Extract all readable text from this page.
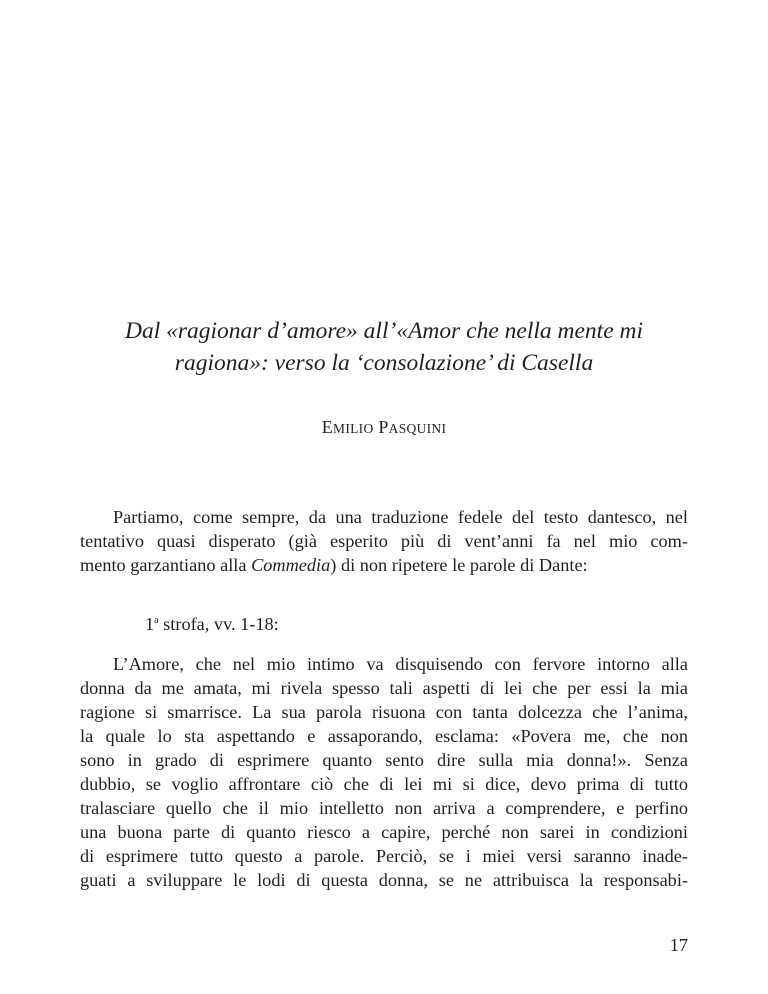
Dal «ragionar d’amore» all’«Amor che nella mente mi
ragiona»: verso la ‘consolazione’ di Casella
EMILIO PASQUINI
Partiamo, come sempre, da una traduzione fedele del testo dantesco, nel
tentativo quasi disperato (già esperito più di vent’anni fa nel mio com-
mento garzantiano alla Commedia) di non ripetere le parole di Dante:
1$^a$ strofa, vv. 1-18:
L’Amore, che nel mio intimo va disquisendo con fervore intorno alla
donna da me amata, mi rivela spesso tali aspetti di lei che per essi la mia
ragione si smarrisce. La sua parola risuona con tanta dolcezza che l’anima,
la quale lo sta aspettando e assaporando, esclama: «Povera me, che non
sono in grado di esprimere quanto sento dire sulla mia donna!». Senza
dubbio, se voglio affrontare ciò che di lei mi si dice, devo prima di tutto
tralasciare quello che il mio intelletto non arriva a comprendere, e perfino
una buona parte di quanto riesco a capire, perché non sarei in condizioni
di esprimere tutto questo a parole. Perciò, se i miei versi saranno inade-
guati a sviluppare le lodi di questa donna, se ne attribuisca la responsabi-
17
